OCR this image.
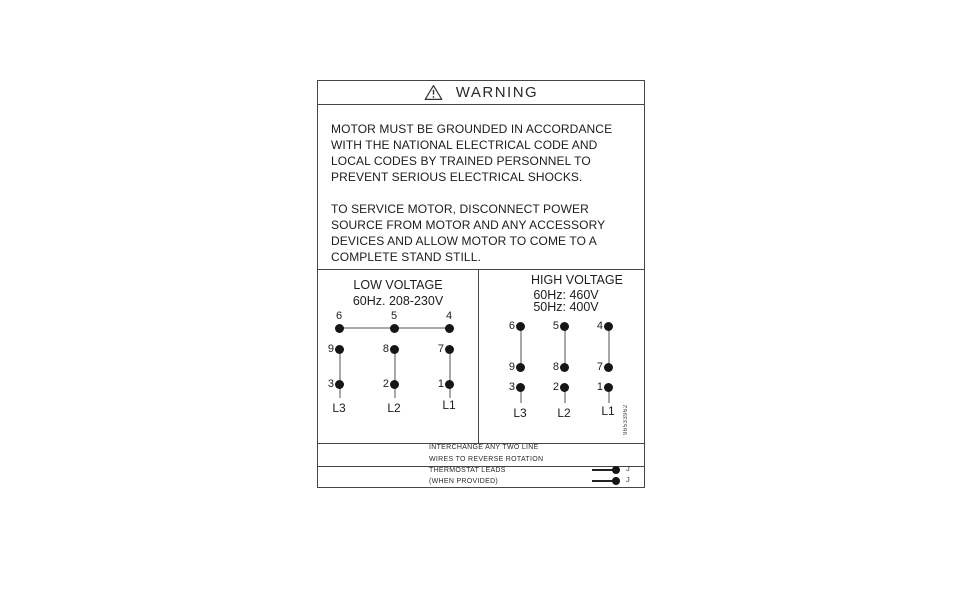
WARNING
MOTOR MUST BE GROUNDED IN ACCORDANCE
WITH THE NATIONAL ELECTRICAL CODE AND
LOCAL CODES BY TRAINED PERSONNEL TO
PREVENT SERIOUS ELECTRICAL SHOCKS.
TO SERVICE MOTOR, DISCONNECT POWER
SOURCE FROM MOTOR AND ANY ACCESSORY
DEVICES AND ALLOW MOTOR TO COME TO A
COMPLETE STAND STILL.
LOW VOLTAGE
60Hz. 208-230V
6	5	4
9	8	7
3	2	1
L3	L2	L1
HIGH VOLTAGE
60Hz: 460V
50Hz: 400V
6	5	4
9	8	7
3	2	1
L3	L2	L1	96533962
INTERCHANGE ANY TWO LINE
WIRES TO REVERSE ROTATION
THERMOSTAT LEADS
(WHEN PROVIDED)
J
J
